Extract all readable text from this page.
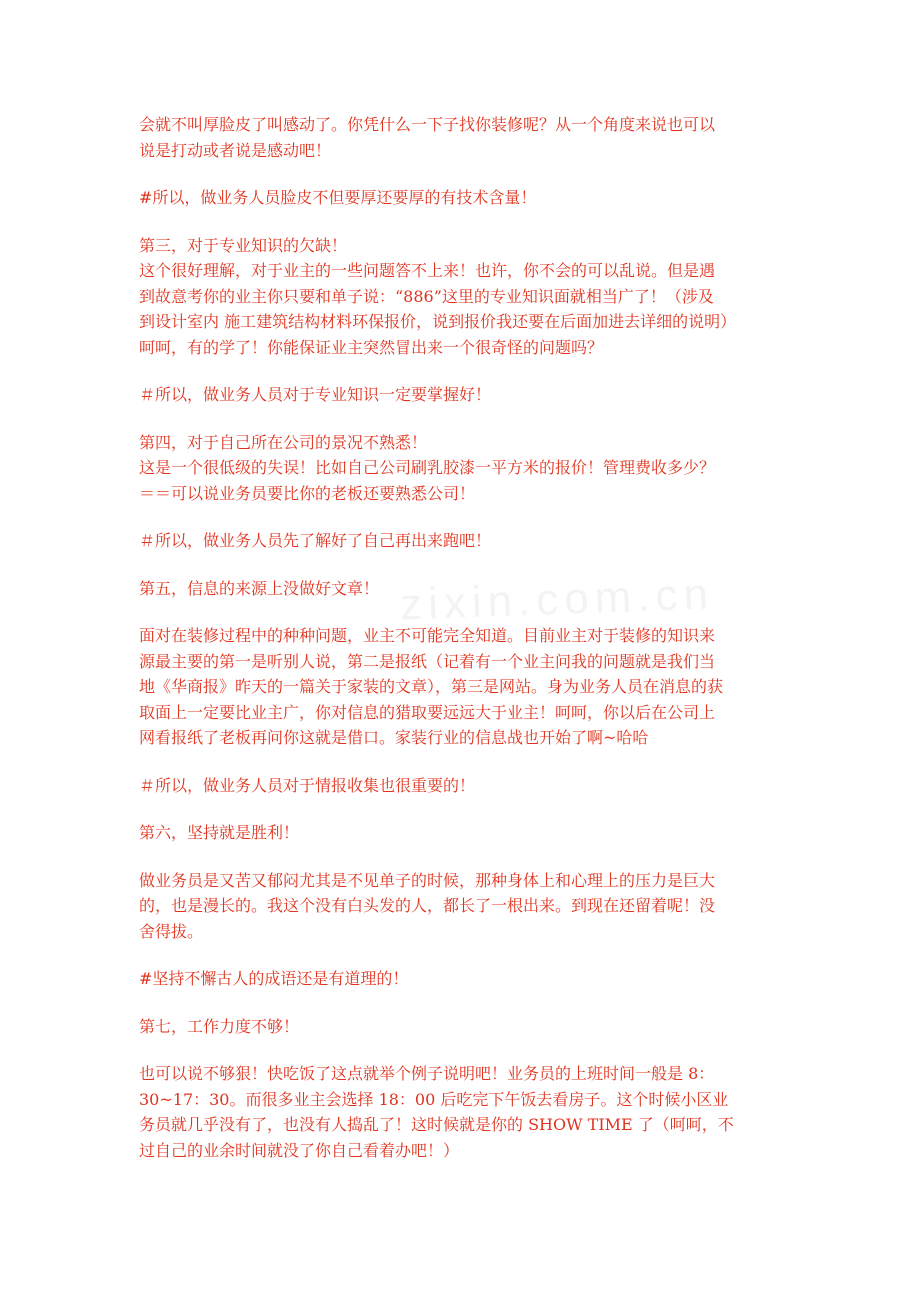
zixin.com.cn

会就不叫厚脸皮了叫感动了。你凭什么一下子找你装修呢？从一个角度来说也可以
说是打动或者说是感动吧！

#所以，做业务人员脸皮不但要厚还要厚的有技术含量！

第三，对于专业知识的欠缺！
这个很好理解，对于业主的一些问题答不上来！也许，你不会的可以乱说。但是遇
到故意考你的业主你只要和单子说：“886”这里的专业知识面就相当广了！（涉及
到设计室内 施工建筑结构材料环保报价，说到报价我还要在后面加进去详细的说明）
呵呵，有的学了！你能保证业主突然冒出来一个很奇怪的问题吗？

＃所以，做业务人员对于专业知识一定要掌握好！

第四，对于自己所在公司的景况不熟悉！
这是一个很低级的失误！比如自己公司刷乳胶漆一平方米的报价！管理费收多少？
＝＝可以说业务员要比你的老板还要熟悉公司！

＃所以，做业务人员先了解好了自己再出来跑吧！

第五，信息的来源上没做好文章！

面对在装修过程中的种种问题，业主不可能完全知道。目前业主对于装修的知识来
源最主要的第一是听别人说，第二是报纸（记着有一个业主问我的问题就是我们当
地《华商报》昨天的一篇关于家装的文章），第三是网站。身为业务人员在消息的获
取面上一定要比业主广，你对信息的猎取要远远大于业主！呵呵，你以后在公司上
网看报纸了老板再问你这就是借口。家装行业的信息战也开始了啊~哈哈

＃所以，做业务人员对于情报收集也很重要的！

第六，坚持就是胜利！

做业务员是又苦又郁闷尤其是不见单子的时候，那种身体上和心理上的压力是巨大
的，也是漫长的。我这个没有白头发的人，都长了一根出来。到现在还留着呢！没
舍得拔。

#坚持不懈古人的成语还是有道理的！

第七，工作力度不够！

也可以说不够狠！快吃饭了这点就举个例子说明吧！业务员的上班时间一般是 8：
30~17：30。而很多业主会选择 18：00 后吃完下午饭去看房子。这个时候小区业
务员就几乎没有了，也没有人捣乱了！这时候就是你的 SHOW TIME 了（呵呵，不
过自己的业余时间就没了你自己看着办吧！）
